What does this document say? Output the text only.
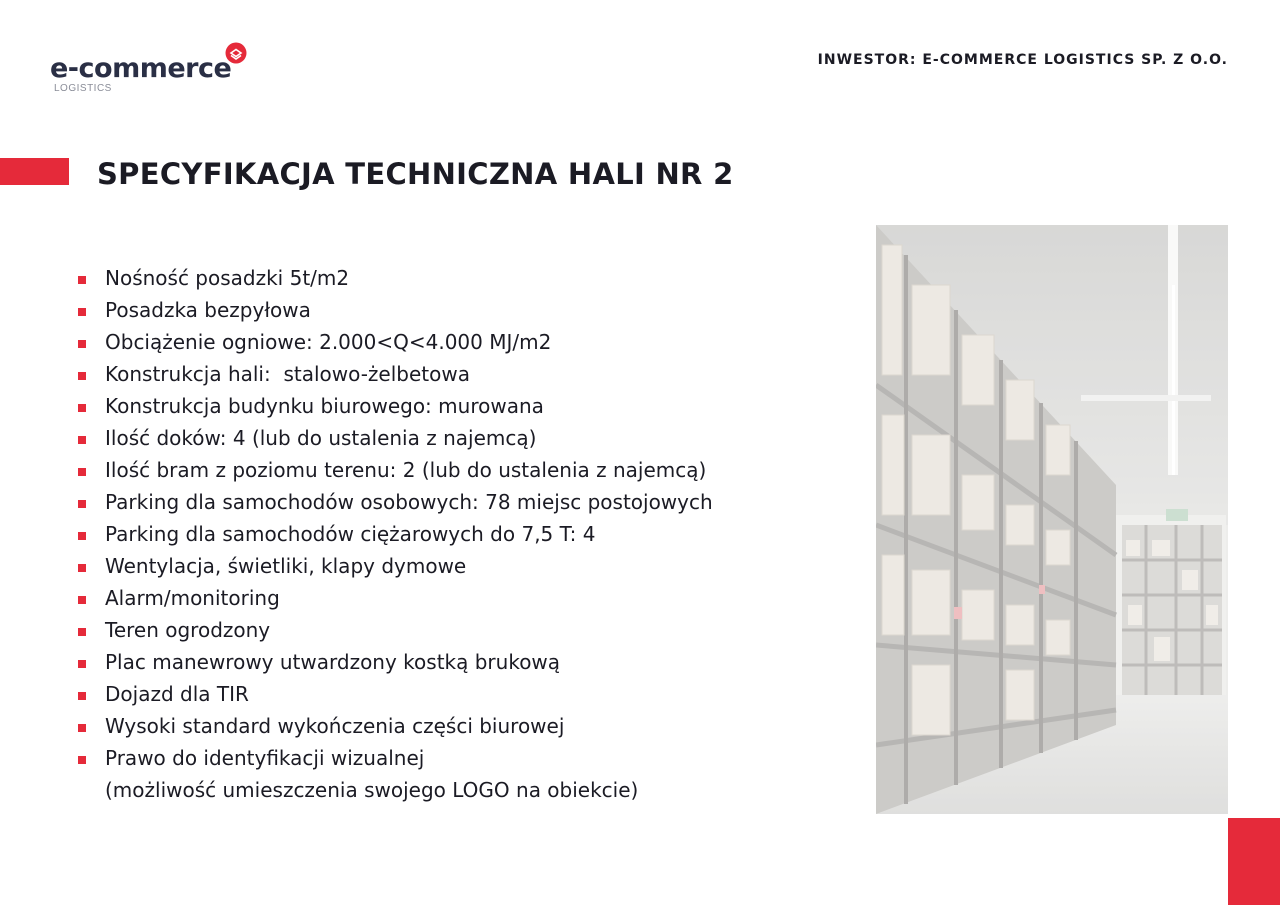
e-commerce
LOGISTICS
INWESTOR: E-COMMERCE LOGISTICS SP. Z O.O.
SPECYFIKACJA TECHNICZNA HALI NR 2
Nośność posadzki 5t/m2
Posadzka bezpyłowa
Obciążenie ogniowe: 2.000<Q<4.000 MJ/m2
Konstrukcja hali:  stalowo-żelbetowa
Konstrukcja budynku biurowego: murowana
Ilość doków: 4 (lub do ustalenia z najemcą)
Ilość bram z poziomu terenu: 2 (lub do ustalenia z najemcą)
Parking dla samochodów osobowych: 78 miejsc postojowych
Parking dla samochodów ciężarowych do 7,5 T: 4
Wentylacja, świetliki, klapy dymowe
Alarm/monitoring
Teren ogrodzony
Plac manewrowy utwardzony kostką brukową
Dojazd dla TIR
Wysoki standard wykończenia części biurowej
Prawo do identyfikacji wizualnej
(możliwość umieszczenia swojego LOGO na obiekcie)
